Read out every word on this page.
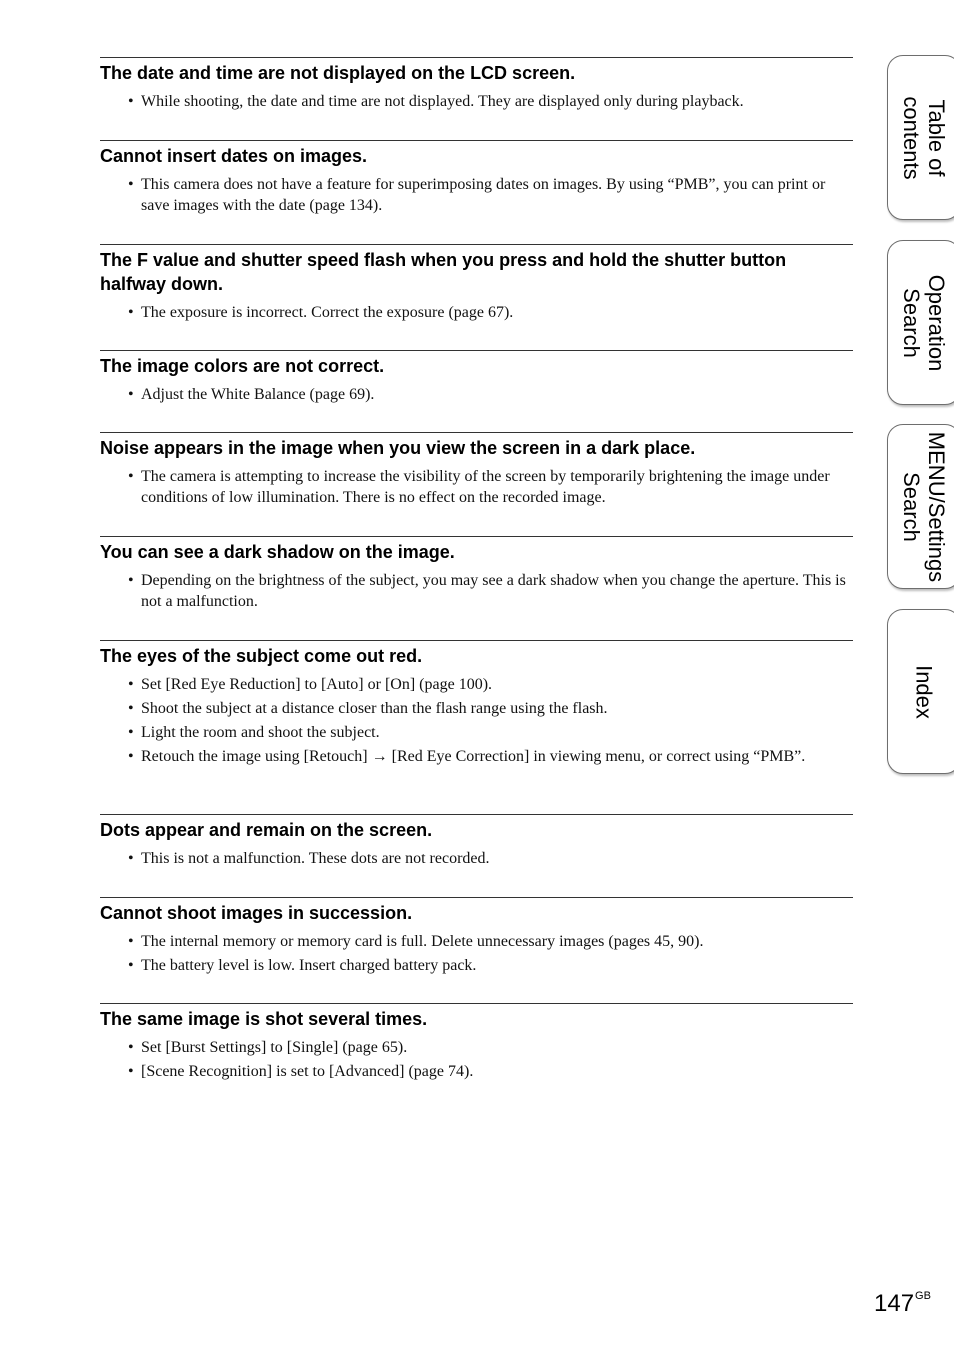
The date and time are not displayed on the LCD screen.
• While shooting, the date and time are not displayed. They are displayed only during playback.
Cannot insert dates on images.
• This camera does not have a feature for superimposing dates on images. By using “PMB”, you can print or save images with the date (page 134).
The F value and shutter speed flash when you press and hold the shutter button halfway down.
• The exposure is incorrect. Correct the exposure (page 67).
The image colors are not correct.
• Adjust the White Balance (page 69).
Noise appears in the image when you view the screen in a dark place.
• The camera is attempting to increase the visibility of the screen by temporarily brightening the image under conditions of low illumination. There is no effect on the recorded image.
You can see a dark shadow on the image.
• Depending on the brightness of the subject, you may see a dark shadow when you change the aperture. This is not a malfunction.
The eyes of the subject come out red.
• Set [Red Eye Reduction] to [Auto] or [On] (page 100).
• Shoot the subject at a distance closer than the flash range using the flash.
• Light the room and shoot the subject.
• Retouch the image using [Retouch] → [Red Eye Correction] in viewing menu, or correct using “PMB”.
Dots appear and remain on the screen.
• This is not a malfunction. These dots are not recorded.
Cannot shoot images in succession.
• The internal memory or memory card is full. Delete unnecessary images (pages 45, 90).
• The battery level is low. Insert charged battery pack.
The same image is shot several times.
• Set [Burst Settings] to [Single] (page 65).
• [Scene Recognition] is set to [Advanced] (page 74).
Table of
contents
Operation
Search
MENU/Settings
Search
Index
$147^{GB}$
